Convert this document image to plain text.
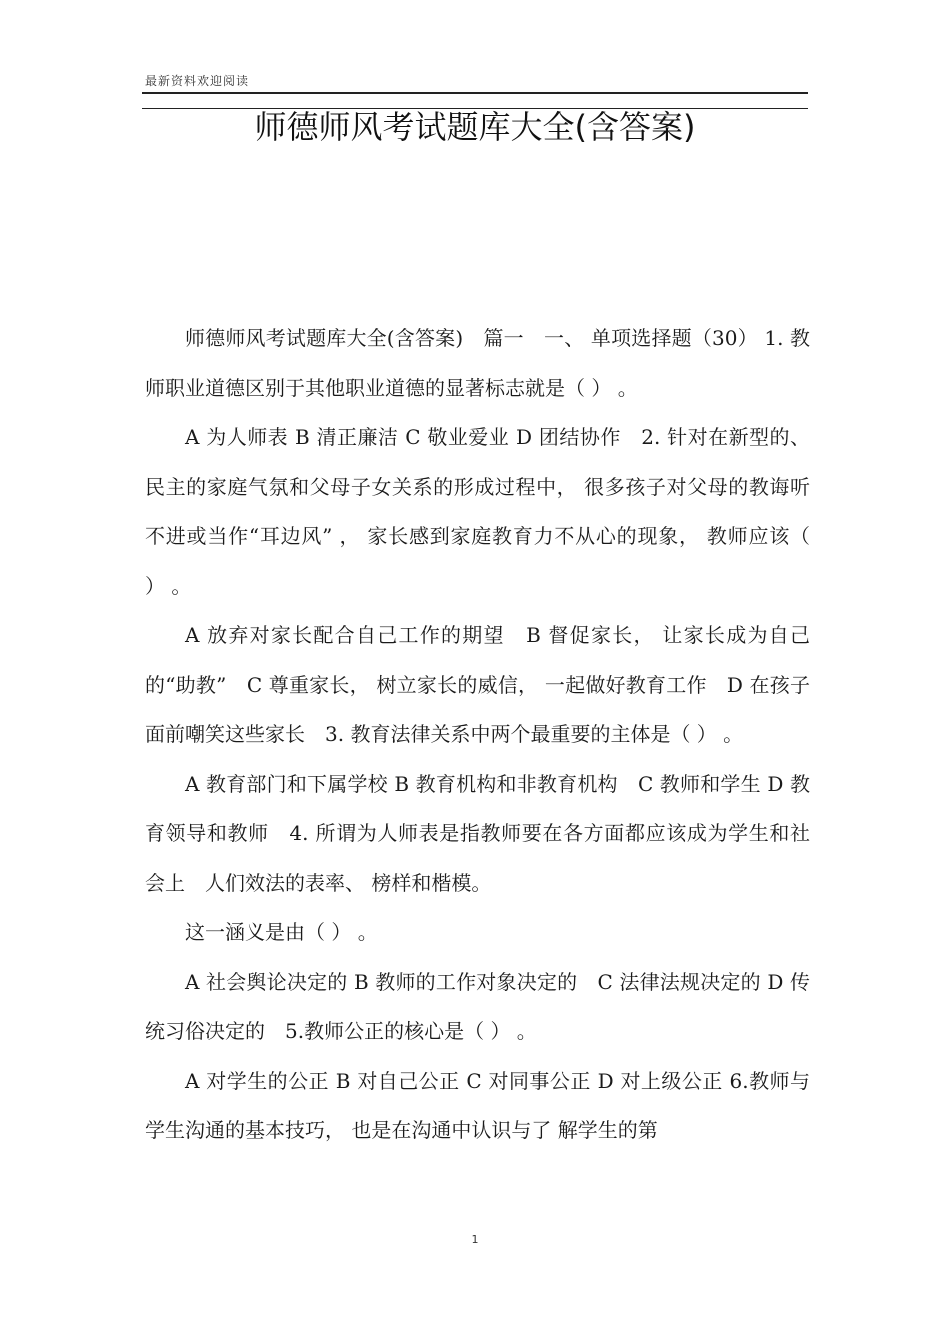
最新资料欢迎阅读
师德师风考试题库大全(含答案)

师德师风考试题库大全(含答案)　篇一　一、 单项选择题（30） 1. 教师职业道德区别于其他职业道德的显著标志就是（ ） 。

A 为人师表 B 清正廉洁 C 敬业爱业 D 团结协作　2. 针对在新型的、 民主的家庭气氛和父母子女关系的形成过程中， 很多孩子对父母的教诲听不进或当作“耳边风” ， 家长感到家庭教育力不从心的现象， 教师应该（ ） 。

A 放弃对家长配合自己工作的期望　B 督促家长， 让家长成为自己的“助教”　C 尊重家长， 树立家长的威信， 一起做好教育工作　D 在孩子面前嘲笑这些家长　3. 教育法律关系中两个最重要的主体是（ ） 。

A 教育部门和下属学校 B 教育机构和非教育机构　C 教师和学生 D 教育领导和教师　4. 所谓为人师表是指教师要在各方面都应该成为学生和社会上　人们效法的表率、 榜样和楷模。

这一涵义是由（ ） 。

A 社会舆论决定的 B 教师的工作对象决定的　C 法律法规决定的 D 传统习俗决定的　5.教师公正的核心是（ ） 。

A 对学生的公正 B 对自己公正 C 对同事公正 D 对上级公正 6.教师与学生沟通的基本技巧， 也是在沟通中认识与了 解学生的第

1
